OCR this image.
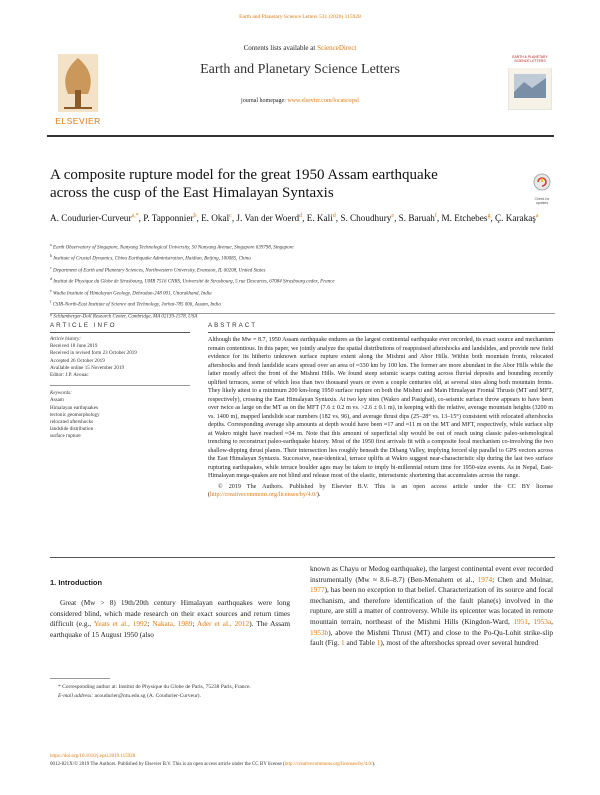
Earth and Planetary Science Letters 531 (2020) 115928
ELSEVIER
Contents lists available at ScienceDirect
Earth and Planetary Science Letters
journal homepage: www.elsevier.com/locate/epsl
EARTH & PLANETARY SCIENCE LETTERS
A composite rupture model for the great 1950 Assam earthquake across the cusp of the East Himalayan Syntaxis	Check for updates
A. Coudurier-Curveur$^{a,*}$, P. Tapponnier$^b$, E. Okal$^c$, J. Van der Woerd$^d$, E. Kali$^d$, S. Choudhury$^e$, S. Baruah$^f$, M. Etchebes$^g$, Ç. Karakaş$^a$
$^a$ Earth Observatory of Singapore, Nanyang Technological University, 50 Nanyang Avenue, Singapore 639798, Singapore
$^b$ Institute of Crustal Dynamics, China Earthquake Administration, Haidian, Beijing, 100085, China
$^c$ Department of Earth and Planetary Sciences, Northwestern University, Evanston, IL 60208, United States
$^d$ Institut de Physique du Globe de Strasbourg, UMR 7516 CNRS, Université de Strasbourg, 5 rue Descartes, 67084 Strasbourg cedex, France
$^e$ Wadia Institute of Himalayan Geology, Dehradun-248 001, Uttarakhand, India
$^f$ CSIR-North-East Institute of Science and Technology, Jorhat-785 006, Assam, India
Schlumberger-Doll Research Center, Cambridge, MA 02139-1578, USA
ARTICLE INFO	ABSTRACT
Article history:
Received 18 June 2019
Received in revised form 23 October 2019
Accepted 26 October 2019
Available online 15 November 2019
Editor: J.P. Avouac
Keywords:
Assam
Himalayan earthquakes
tectonic geomorphology
relocated aftershocks
landslide distribution
surface rupture
Although the Mw = 8.7, 1950 Assam earthquake endures as the largest continental earthquake ever recorded, its exact source and mechanism remain contentious. In this paper, we jointly analyze the spatial distributions of reappraised aftershocks and landslides, and provide new field evidence for its hitherto unknown surface rupture extent along the Mishmi and Abor Hills. Within both mountain fronts, relocated aftershocks and fresh landslide scars spread over an area of ≈330 km by 100 km. The former are more abundant in the Abor Hills while the latter mostly affect the front of the Mishmi Hills. We found steep seismic scarps cutting across fluvial deposits and bounding recently uplifted terraces, some of which less than two thousand years or even a couple centuries old, at several sites along both mountain fronts. They likely attest to a minimum 200 km-long 1950 surface rupture on both the Mishmi and Main Himalayan Frontal Thrusts (MT and MFT, respectively), crossing the East Himalayan Syntaxis. At two key sites (Wakro and Pasighat), co-seismic surface throw appears to have been over twice as large on the MT as on the MFT (7.6 ± 0.2 m vs. >2.6 ± 0.1 m), in keeping with the relative, average mountain heights (3200 m vs. 1400 m), mapped landslide scar numbers (182 vs. 96), and average thrust dips (25–28° vs. 13–15°) consistent with relocated aftershocks depths. Corresponding average slip amounts at depth would have been ≈17 and ≈11 m on the MT and MFT, respectively, while surface slip at Wakro might have reached ≈34 m. Note that this amount of superficial slip would be out of reach using classic paleo-seismological trenching to reconstruct paleo-earthquake history. Most of the 1950 first arrivals fit with a composite focal mechanism co-involving the two shallow-dipping thrust planes. Their intersection lies roughly beneath the Dibang Valley, implying forced slip parallel to GPS vectors across the East Himalayan Syntaxis. Successive, near-identical, terrace uplifts at Wakro suggest near-characteristic slip during the last two surface rupturing earthquakes, while terrace boulder ages may be taken to imply bi-millennial return time for 1950-size events. As in Nepal, East-Himalayan mega-quakes are not blind and release most of the elastic, interseismic shortening that accumulates across the range.
© 2019 The Authors. Published by Elsevier B.V. This is an open access article under the CC BY license (http://creativecommons.org/licenses/by/4.0/).
1. Introduction
Great (Mw > 8) 19th/20th century Himalayan earthquakes were long considered blind, which made research on their exact sources and return times difficult (e.g., Yeats et al., 1992; Nakata, 1989; Ader et al., 2012). The Assam earthquake of 15 August 1950 (also
known as Chayu or Medog earthquake), the largest continental event ever recorded instrumentally (Mw ≈ 8.6–8.7) (Ben-Menahem et al., 1974; Chen and Molnar, 1977), has been no exception to that belief. Characterization of its source and focal mechanism, and therefore identification of the fault plane(s) involved in the rupture, are still a matter of controversy. While its epicenter was located in remote mountain terrain, northeast of the Mishmi Hills (Kingdon-Ward, 1951, 1953a, 1953b), above the Mishmi Thrust (MT) and close to the Po-Qu-Lohit strike-slip fault (Fig. 1 and Table 1), most of the aftershocks spread over several hundred
* Corresponding author at: Institut de Physique du Globe de Paris, 75238 Paris, France.
E-mail address: acoudurier@ntu.edu.sg (A. Coudurier-Curveur).
https://doi.org/10.1016/j.epsl.2019.115928
0012-821X/© 2019 The Authors. Published by Elsevier B.V. This is an open access article under the CC BY license (http://creativecommons.org/licenses/by/4.0/).
